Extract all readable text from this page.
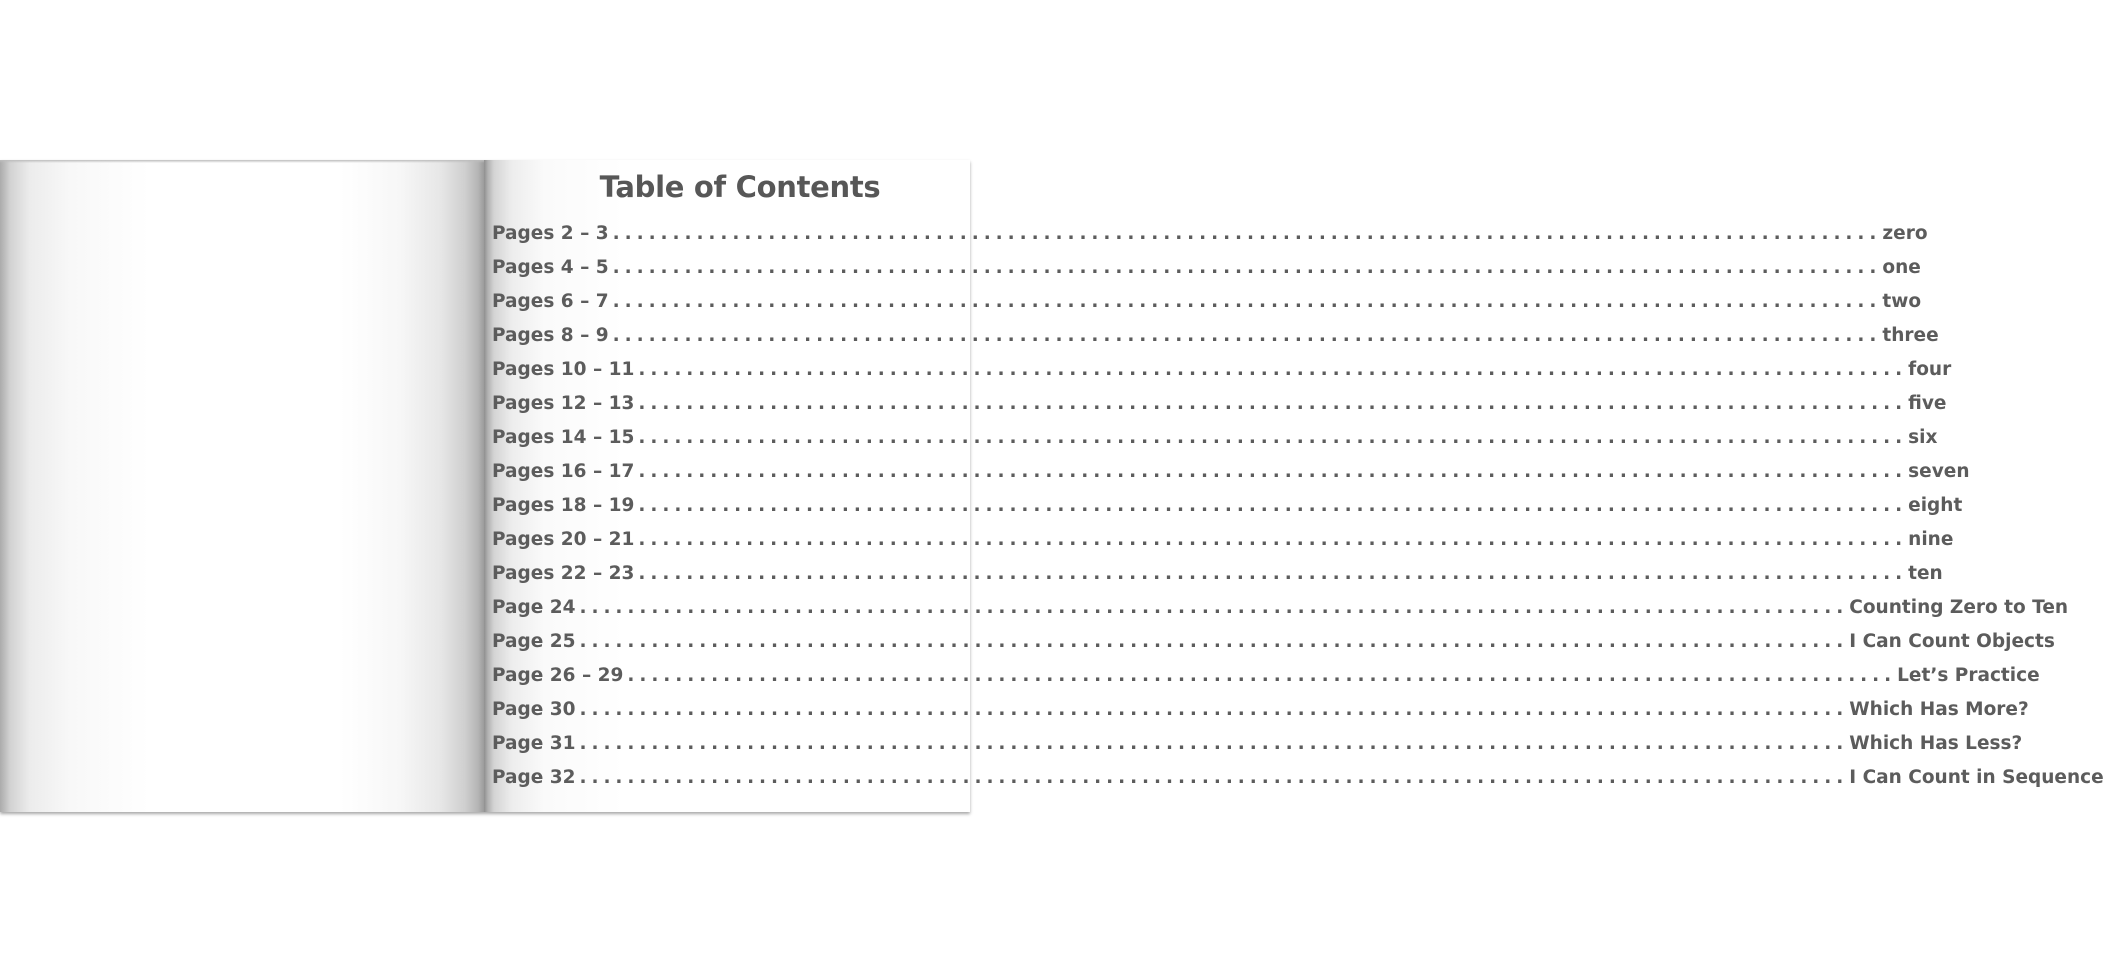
Table of Contents
Pages 2 – 3 . . .	zero
Pages 4 – 5 . . .	one
Pages 6 – 7 . . .	two
Pages 8 – 9 . . .	three
Pages 10 – 11 . . .	four
Pages 12 – 13 . . .	five
Pages 14 – 15 . . .	six
Pages 16 – 17 . . .	seven
Pages 18 – 19 . . .	eight
Pages 20 – 21 . . .	nine
Pages 22 – 23 . . .	ten
Page 24 . . .	Counting Zero to Ten
Page 25 . . .	I Can Count Objects
Page 26 – 29 . . .	Let’s Practice
Page 30 . . .	Which Has More?
Page 31 . . .	Which Has Less?
Page 32 . . .	I Can Count in Sequence
